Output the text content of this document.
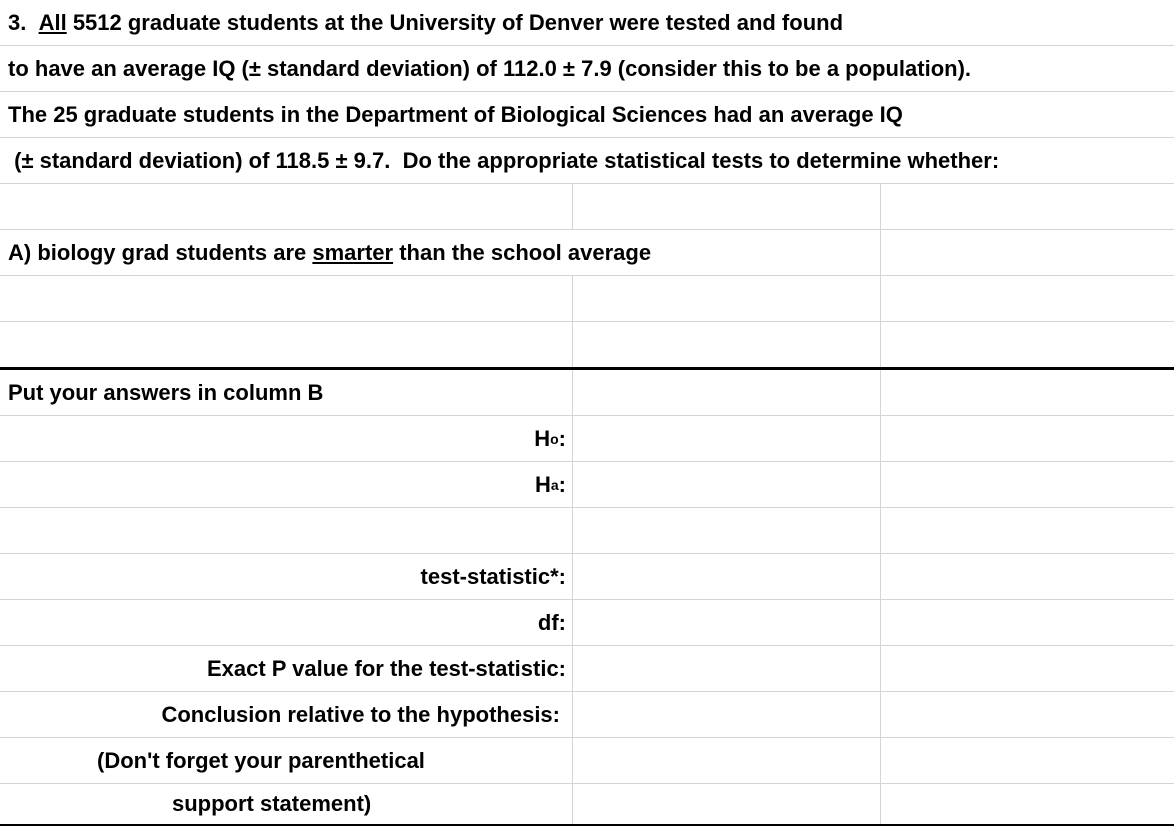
3. All 5512 graduate students at the University of Denver were tested and found
to have an average IQ (± standard deviation) of 112.0 ± 7.9 (consider this to be a population).
The 25 graduate students in the Department of Biological Sciences had an average IQ
(± standard deviation) of 118.5 ± 9.7.  Do the appropriate statistical tests to determine whether:
A) biology grad students are smarter than the school average
Put your answers in column B
H o :
H a :
test-statistic*:
df:
Exact P value for the test-statistic:
Conclusion relative to the hypothesis:
(Don't forget your parenthetical
support statement)
